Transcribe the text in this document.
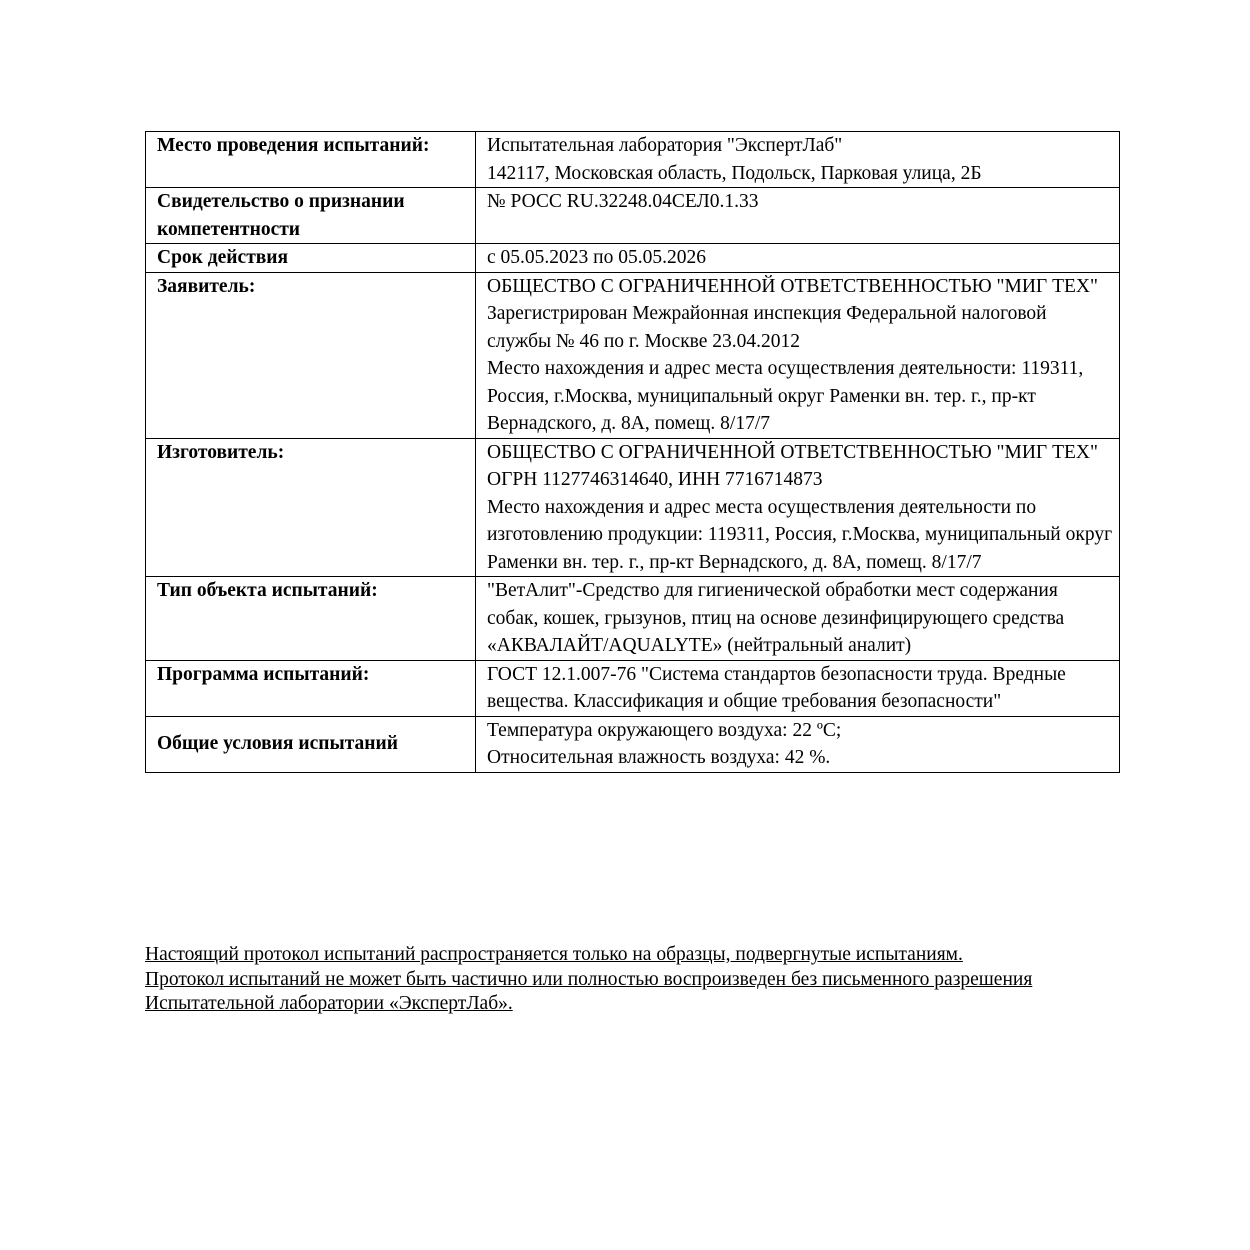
Место проведения испытаний:	Испытательная лаборатория "ЭкспертЛаб"
142117, Московская область, Подольск, Парковая улица, 2Б

Свидетельство о признании компетентности	№ РОСС RU.32248.04СЕЛ0.1.33

Срок действия	с 05.05.2023 по 05.05.2026

Заявитель:	ОБЩЕСТВО С ОГРАНИЧЕННОЙ ОТВЕТСТВЕННОСТЬЮ "МИГ ТЕХ"
Зарегистрирован Межрайонная инспекция Федеральной налоговой службы № 46 по г. Москве 23.04.2012
Место нахождения и адрес места осуществления деятельности: 119311, Россия, г.Москва, муниципальный округ Раменки вн. тер. г., пр-кт Вернадского, д. 8А, помещ. 8/17/7

Изготовитель:	ОБЩЕСТВО С ОГРАНИЧЕННОЙ ОТВЕТСТВЕННОСТЬЮ "МИГ ТЕХ"
ОГРН 1127746314640, ИНН 7716714873
Место нахождения и адрес места осуществления деятельности по изготовлению продукции: 119311, Россия, г.Москва, муниципальный округ Раменки вн. тер. г., пр-кт Вернадского, д. 8А, помещ. 8/17/7

Тип объекта испытаний:	"ВетАлит"-Средство для гигиенической обработки мест содержания собак, кошек, грызунов, птиц на основе дезинфицирующего средства «АКВАЛАЙТ/AQUALYTE» (нейтральный аналит)

Программа испытаний:	ГОСТ 12.1.007-76 "Система стандартов безопасности труда. Вредные вещества. Классификация и общие требования безопасности"

Общие условия испытаний	Температура окружающего воздуха: 22 ºС;
Относительная влажность воздуха: 42 %.
Настоящий протокол испытаний распространяется только на образцы, подвергнутые испытаниям.
Протокол испытаний не может быть частично или полностью воспроизведен без письменного разрешения
Испытательной лаборатории «ЭкспертЛаб».
